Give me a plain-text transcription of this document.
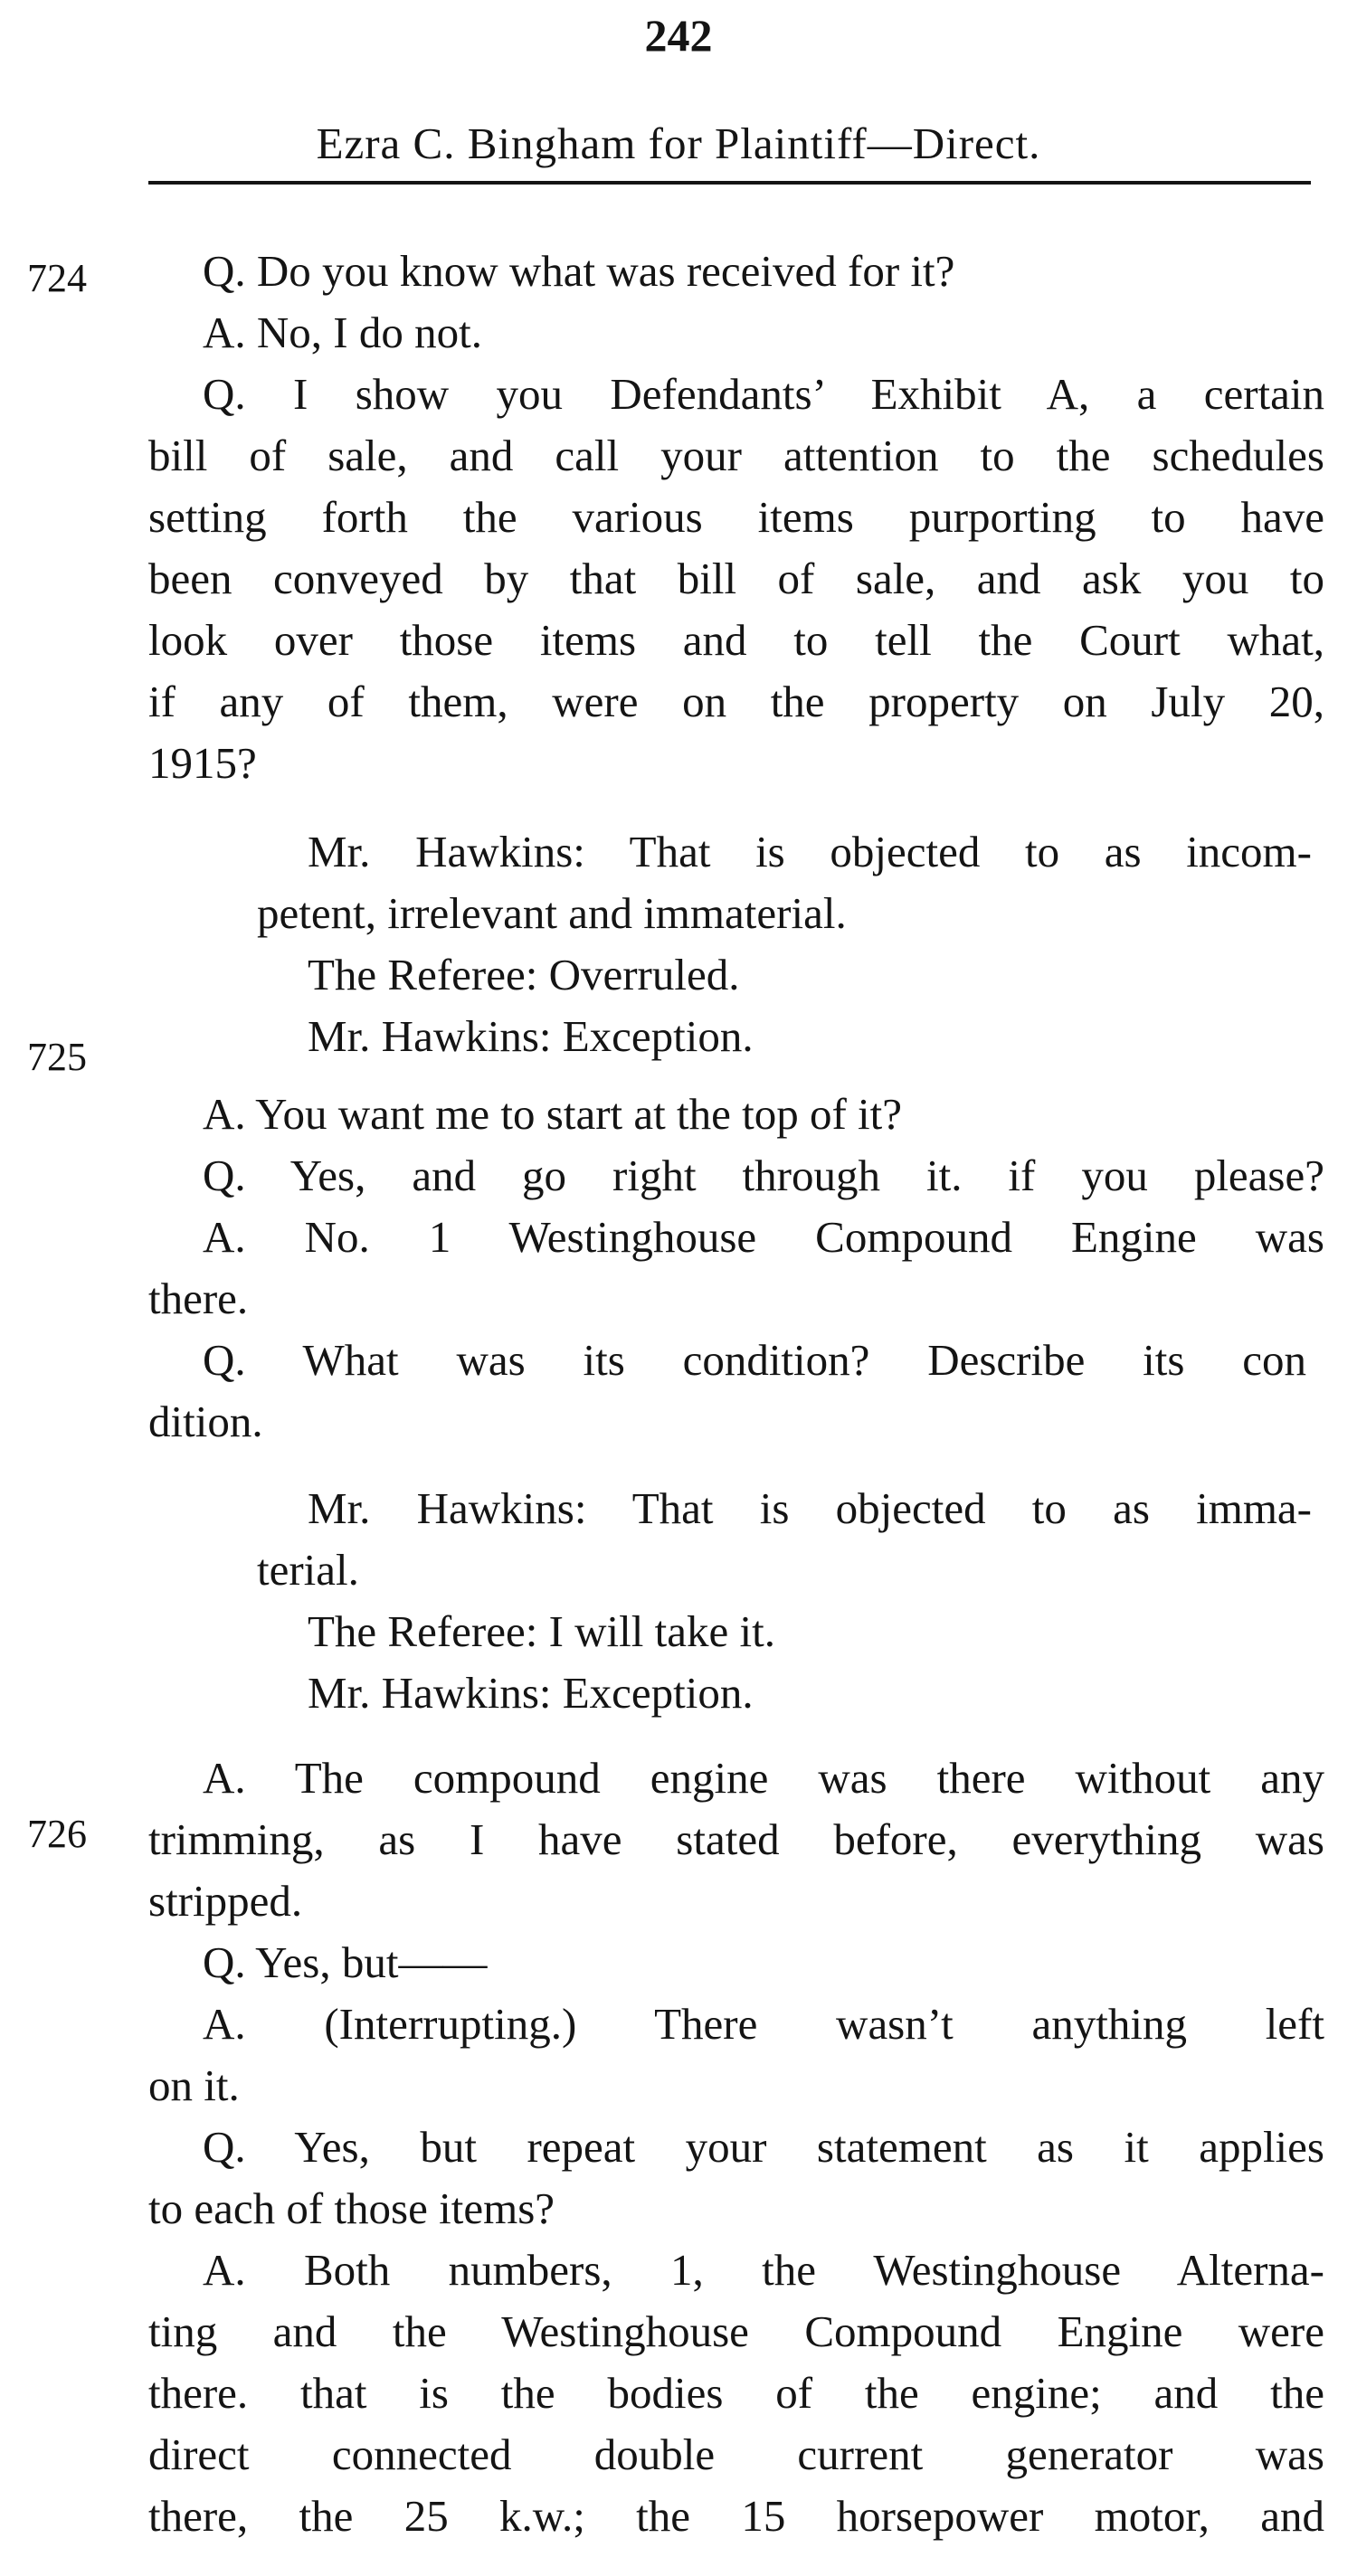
242
Ezra C. Bingham for Plaintiff—Direct.
724
725
726
Q. Do you know what was received for it?
A. No, I do not.
Q. I show you Defendants’ Exhibit A, a certain
bill of sale, and call your attention to the schedules
setting forth the various items purporting to have
been conveyed by that bill of sale, and ask you to
look over those items and to tell the Court what,
if any of them, were on the property on July 20,
1915?
Mr. Hawkins: That is objected to as incom-
petent, irrelevant and immaterial.
The Referee: Overruled.
Mr. Hawkins: Exception.
A. You want me to start at the top of it?
Q. Yes, and go right through it. if you please?
A. No. 1 Westinghouse Compound Engine was
there.
Q. What was its condition? Describe its con
dition.
Mr. Hawkins: That is objected to as imma-
terial.
The Referee: I will take it.
Mr. Hawkins: Exception.
A. The compound engine was there without any
trimming, as I have stated before, everything was
stripped.
Q. Yes, but——
A. (Interrupting.) There wasn’t anything left
on it.
Q. Yes, but repeat your statement as it applies
to each of those items?
A. Both numbers, 1, the Westinghouse Alterna-
ting and the Westinghouse Compound Engine were
there. that is the bodies of the engine; and the
direct connected double current generator was
there, the 25 k.w.; the 15 horsepower motor, and
